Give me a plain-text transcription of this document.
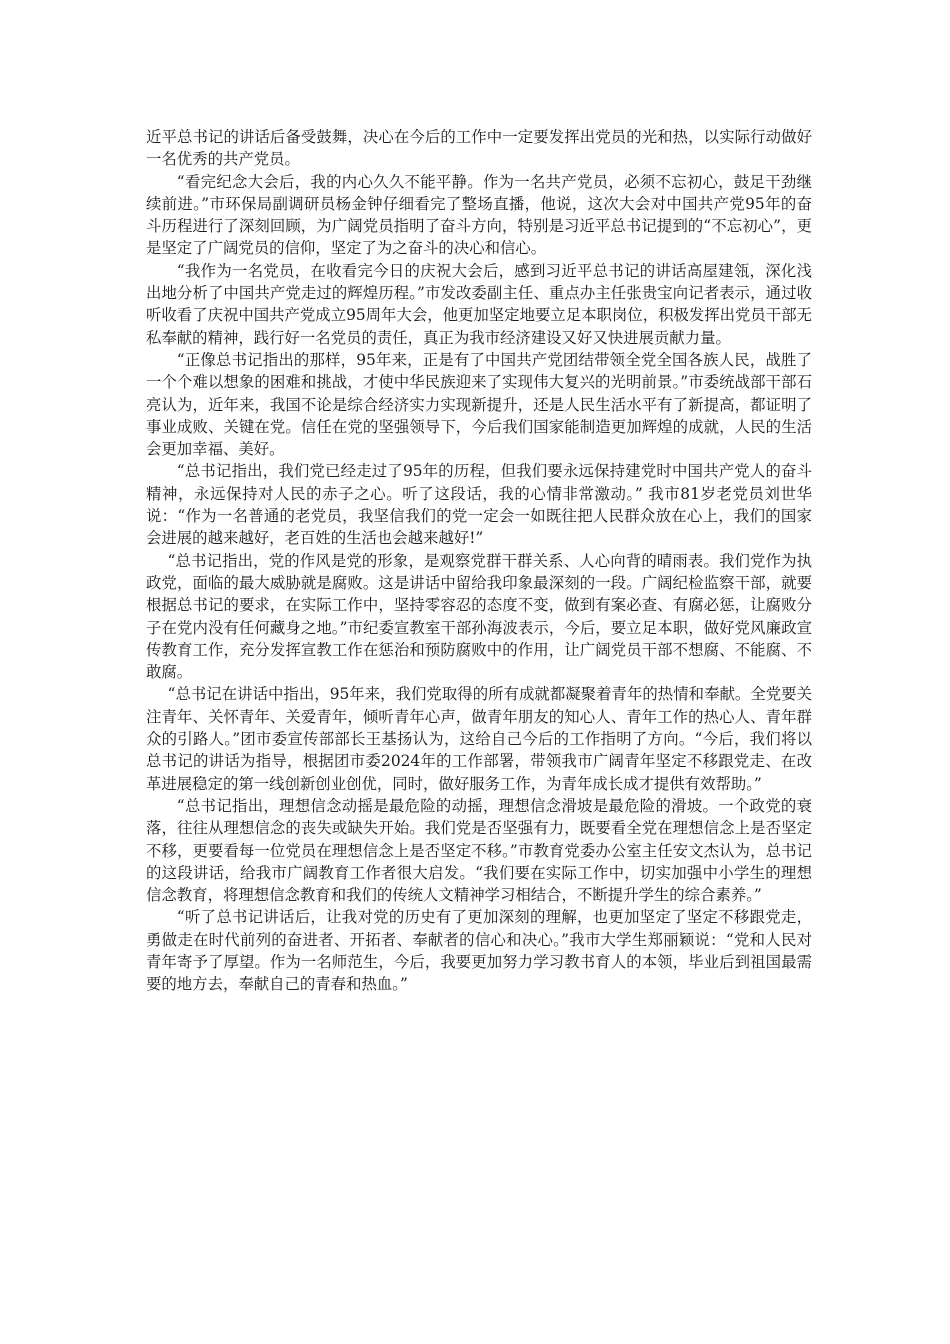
近平总书记的讲话后备受鼓舞，决心在今后的工作中一定要发挥出党员的光和热，以实际行动做好一名优秀的共产党员。

“看完纪念大会后，我的内心久久不能平静。作为一名共产党员，必须不忘初心，鼓足干劲继续前进。”市环保局副调研员杨金钟仔细看完了整场直播，他说，这次大会对中国共产党95年的奋斗历程进行了深刻回顾，为广阔党员指明了奋斗方向，特别是习近平总书记提到的“不忘初心”，更是坚定了广阔党员的信仰，坚定了为之奋斗的决心和信心。

“我作为一名党员，在收看完今日的庆祝大会后，感到习近平总书记的讲话高屋建瓴，深化浅出地分析了中国共产党走过的辉煌历程。”市发改委副主任、重点办主任张贵宝向记者表示，通过收听收看了庆祝中国共产党成立95周年大会，他更加坚定地要立足本职岗位，积极发挥出党员干部无私奉献的精神，践行好一名党员的责任，真正为我市经济建设又好又快进展贡献力量。

“正像总书记指出的那样，95年来，正是有了中国共产党团结带领全党全国各族人民，战胜了一个个难以想象的困难和挑战，才使中华民族迎来了实现伟大复兴的光明前景。”市委统战部干部石亮认为，近年来，我国不论是综合经济实力实现新提升，还是人民生活水平有了新提高，都证明了事业成败、关键在党。信任在党的坚强领导下，今后我们国家能制造更加辉煌的成就，人民的生活会更加幸福、美好。

“总书记指出，我们党已经走过了95年的历程，但我们要永远保持建党时中国共产党人的奋斗精神，永远保持对人民的赤子之心。听了这段话，我的心情非常激动。” 我市81岁老党员刘世华说：“作为一名普通的老党员，我坚信我们的党一定会一如既往把人民群众放在心上，我们的国家会进展的越来越好，老百姓的生活也会越来越好!”

“总书记指出，党的作风是党的形象，是观察党群干群关系、人心向背的晴雨表。我们党作为执政党，面临的最大威胁就是腐败。这是讲话中留给我印象最深刻的一段。广阔纪检监察干部，就要根据总书记的要求，在实际工作中，坚持零容忍的态度不变，做到有案必查、有腐必惩，让腐败分子在党内没有任何藏身之地。”市纪委宣教室干部孙海波表示，今后，要立足本职，做好党风廉政宣传教育工作，充分发挥宣教工作在惩治和预防腐败中的作用，让广阔党员干部不想腐、不能腐、不敢腐。

“总书记在讲话中指出，95年来，我们党取得的所有成就都凝聚着青年的热情和奉献。全党要关注青年、关怀青年、关爱青年，倾听青年心声，做青年朋友的知心人、青年工作的热心人、青年群众的引路人。”团市委宣传部部长王基扬认为，这给自己今后的工作指明了方向。“今后，我们将以总书记的讲话为指导，根据团市委2024年的工作部署，带领我市广阔青年坚定不移跟党走、在改革进展稳定的第一线创新创业创优，同时，做好服务工作，为青年成长成才提供有效帮助。”

“总书记指出，理想信念动摇是最危险的动摇，理想信念滑坡是最危险的滑坡。一个政党的衰落，往往从理想信念的丧失或缺失开始。我们党是否坚强有力，既要看全党在理想信念上是否坚定不移，更要看每一位党员在理想信念上是否坚定不移。”市教育党委办公室主任安文杰认为，总书记的这段讲话，给我市广阔教育工作者很大启发。“我们要在实际工作中，切实加强中小学生的理想信念教育，将理想信念教育和我们的传统人文精神学习相结合，不断提升学生的综合素养。”

“听了总书记讲话后，让我对党的历史有了更加深刻的理解，也更加坚定了坚定不移跟党走，勇做走在时代前列的奋进者、开拓者、奉献者的信心和决心。”我市大学生郑丽颖说：“党和人民对青年寄予了厚望。作为一名师范生，今后，我要更加努力学习教书育人的本领，毕业后到祖国最需要的地方去，奉献自己的青春和热血。”
